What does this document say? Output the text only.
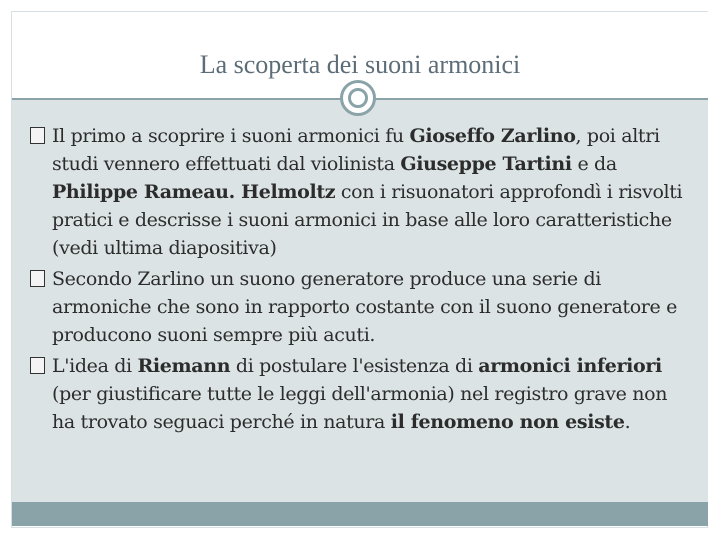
La scoperta dei suoni armonici
Il primo a scoprire i suoni armonici fu Gioseffo Zarlino, poi altri studi vennero effettuati dal violinista Giuseppe Tartini e da Philippe Rameau. Helmoltz con i risuonatori approfondì i risvolti pratici e descrisse i suoni armonici in base alle loro caratteristiche (vedi ultima diapositiva)
Secondo Zarlino un suono generatore produce una serie di armoniche che sono in rapporto costante con il suono generatore e producono suoni sempre più acuti.
L'idea di Riemann di postulare l'esistenza di armonici inferiori (per giustificare tutte le leggi dell'armonia) nel registro grave non ha trovato seguaci perché in natura il fenomeno non esiste.
